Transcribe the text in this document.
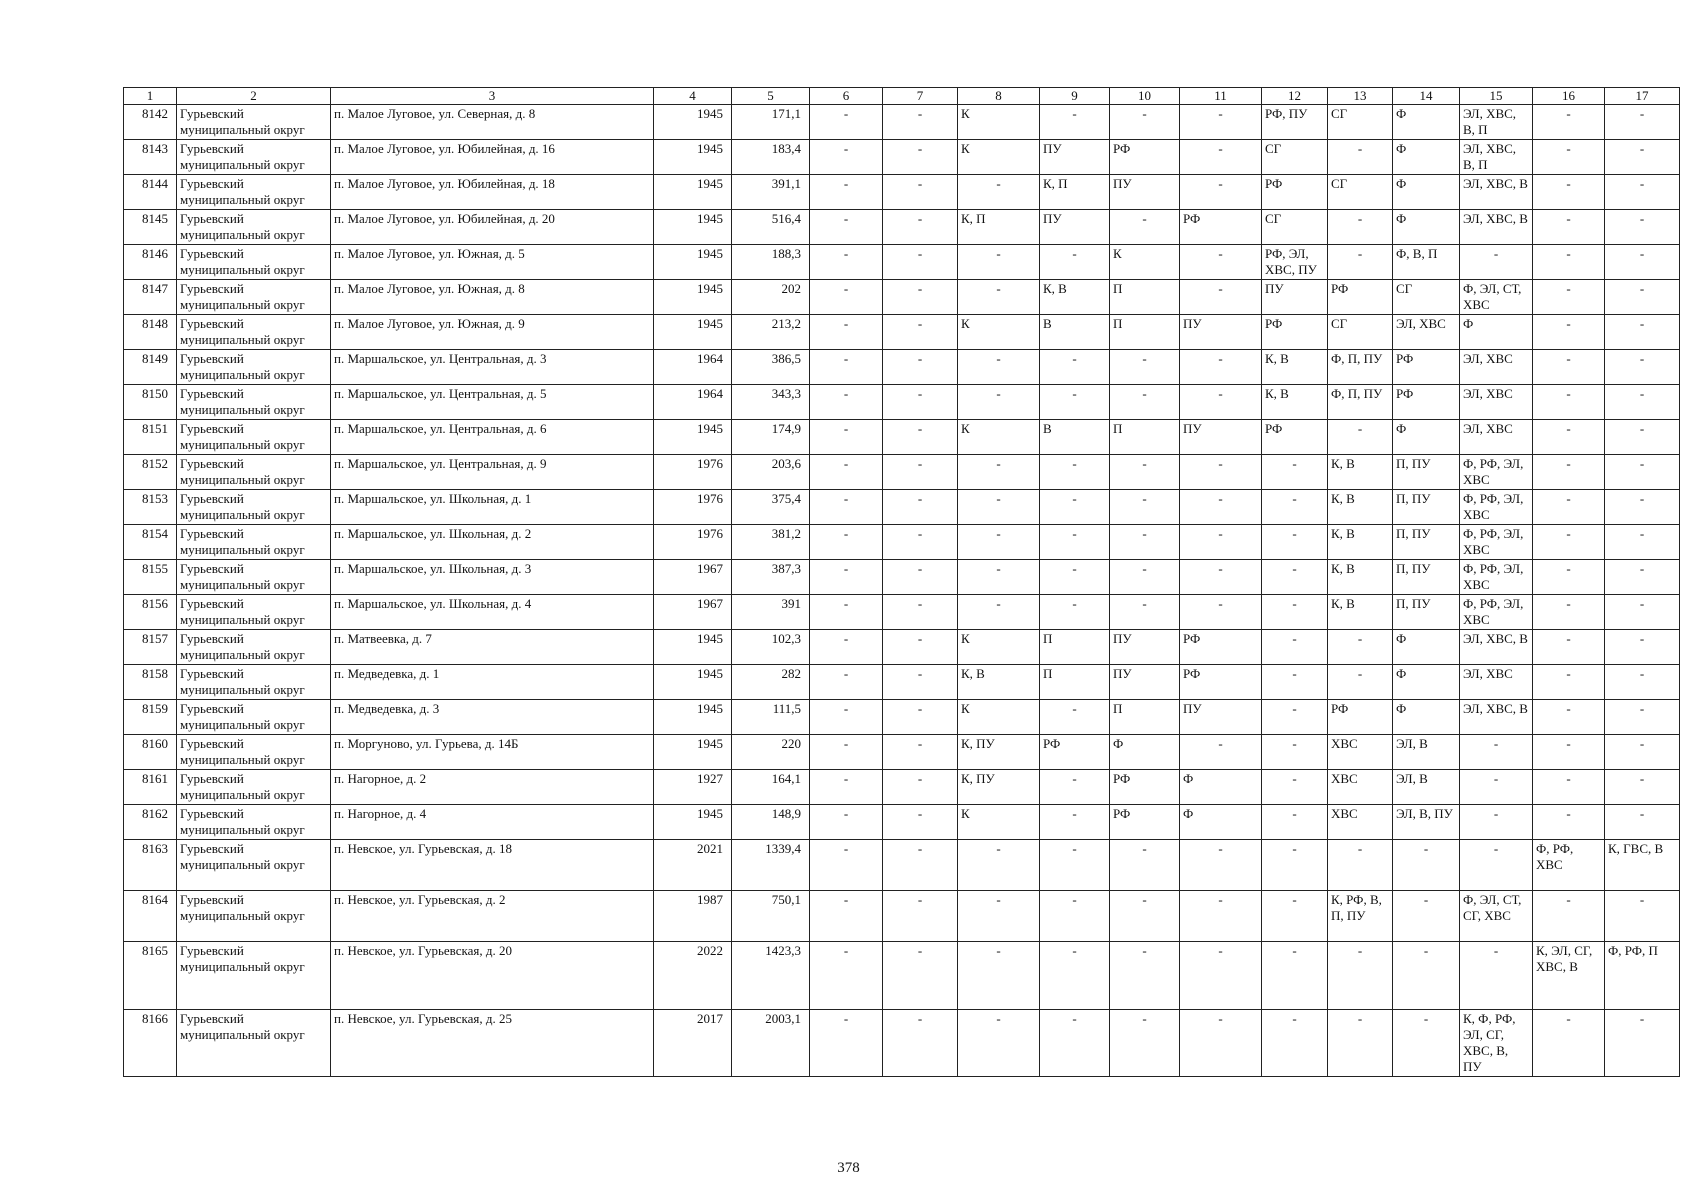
1	2	3	4	5	6	7	8	9	10	11	12	13	14	15	16	17
8142	Гурьевский муниципальный округ	п. Малое Луговое, ул. Северная, д. 8	1945	171,1	-	-	К	-	-	-	РФ, ПУ	СГ	Ф	ЭЛ, ХВС, В, П	-	-
8143	Гурьевский муниципальный округ	п. Малое Луговое, ул. Юбилейная, д. 16	1945	183,4	-	-	К	ПУ	РФ	-	СГ	-	Ф	ЭЛ, ХВС, В, П	-	-
8144	Гурьевский муниципальный округ	п. Малое Луговое, ул. Юбилейная, д. 18	1945	391,1	-	-	-	К, П	ПУ	-	РФ	СГ	Ф	ЭЛ, ХВС, В	-	-
8145	Гурьевский муниципальный округ	п. Малое Луговое, ул. Юбилейная, д. 20	1945	516,4	-	-	К, П	ПУ	-	РФ	СГ	-	Ф	ЭЛ, ХВС, В	-	-
8146	Гурьевский муниципальный округ	п. Малое Луговое, ул. Южная, д. 5	1945	188,3	-	-	-	-	К	-	РФ, ЭЛ, ХВС, ПУ	-	Ф, В, П	-	-	-
8147	Гурьевский муниципальный округ	п. Малое Луговое, ул. Южная, д. 8	1945	202	-	-	-	К, В	П	-	ПУ	РФ	СГ	Ф, ЭЛ, СТ, ХВС	-	-
8148	Гурьевский муниципальный округ	п. Малое Луговое, ул. Южная, д. 9	1945	213,2	-	-	К	В	П	ПУ	РФ	СГ	ЭЛ, ХВС	Ф	-	-
8149	Гурьевский муниципальный округ	п. Маршальское, ул. Центральная, д. 3	1964	386,5	-	-	-	-	-	-	К, В	Ф, П, ПУ	РФ	ЭЛ, ХВС	-	-
8150	Гурьевский муниципальный округ	п. Маршальское, ул. Центральная, д. 5	1964	343,3	-	-	-	-	-	-	К, В	Ф, П, ПУ	РФ	ЭЛ, ХВС	-	-
8151	Гурьевский муниципальный округ	п. Маршальское, ул. Центральная, д. 6	1945	174,9	-	-	К	В	П	ПУ	РФ	-	Ф	ЭЛ, ХВС	-	-
8152	Гурьевский муниципальный округ	п. Маршальское, ул. Центральная, д. 9	1976	203,6	-	-	-	-	-	-	-	К, В	П, ПУ	Ф, РФ, ЭЛ, ХВС	-	-
8153	Гурьевский муниципальный округ	п. Маршальское, ул. Школьная, д. 1	1976	375,4	-	-	-	-	-	-	-	К, В	П, ПУ	Ф, РФ, ЭЛ, ХВС	-	-
8154	Гурьевский муниципальный округ	п. Маршальское, ул. Школьная, д. 2	1976	381,2	-	-	-	-	-	-	-	К, В	П, ПУ	Ф, РФ, ЭЛ, ХВС	-	-
8155	Гурьевский муниципальный округ	п. Маршальское, ул. Школьная, д. 3	1967	387,3	-	-	-	-	-	-	-	К, В	П, ПУ	Ф, РФ, ЭЛ, ХВС	-	-
8156	Гурьевский муниципальный округ	п. Маршальское, ул. Школьная, д. 4	1967	391	-	-	-	-	-	-	-	К, В	П, ПУ	Ф, РФ, ЭЛ, ХВС	-	-
8157	Гурьевский муниципальный округ	п. Матвеевка, д. 7	1945	102,3	-	-	К	П	ПУ	РФ	-	-	Ф	ЭЛ, ХВС, В	-	-
8158	Гурьевский муниципальный округ	п. Медведевка, д. 1	1945	282	-	-	К, В	П	ПУ	РФ	-	-	Ф	ЭЛ, ХВС	-	-
8159	Гурьевский муниципальный округ	п. Медведевка, д. 3	1945	111,5	-	-	К	-	П	ПУ	-	РФ	Ф	ЭЛ, ХВС, В	-	-
8160	Гурьевский муниципальный округ	п. Моргуново, ул. Гурьева, д. 14Б	1945	220	-	-	К, ПУ	РФ	Ф	-	-	ХВС	ЭЛ, В	-	-	-
8161	Гурьевский муниципальный округ	п. Нагорное, д. 2	1927	164,1	-	-	К, ПУ	-	РФ	Ф	-	ХВС	ЭЛ, В	-	-	-
8162	Гурьевский муниципальный округ	п. Нагорное, д. 4	1945	148,9	-	-	К	-	РФ	Ф	-	ХВС	ЭЛ, В, ПУ	-	-	-
8163	Гурьевский муниципальный округ	п. Невское, ул. Гурьевская, д. 18	2021	1339,4	-	-	-	-	-	-	-	-	-	-	Ф, РФ, ХВС	К, ГВС, В
8164	Гурьевский муниципальный округ	п. Невское, ул. Гурьевская, д. 2	1987	750,1	-	-	-	-	-	-	-	К, РФ, В, П, ПУ	-	Ф, ЭЛ, СТ, СГ, ХВС	-	-
8165	Гурьевский муниципальный округ	п. Невское, ул. Гурьевская, д. 20	2022	1423,3	-	-	-	-	-	-	-	-	-	-	К, ЭЛ, СГ, ХВС, В	Ф, РФ, П
8166	Гурьевский муниципальный округ	п. Невское, ул. Гурьевская, д. 25	2017	2003,1	-	-	-	-	-	-	-	-	-	К, Ф, РФ, ЭЛ, СГ, ХВС, В, ПУ	-	-
378
